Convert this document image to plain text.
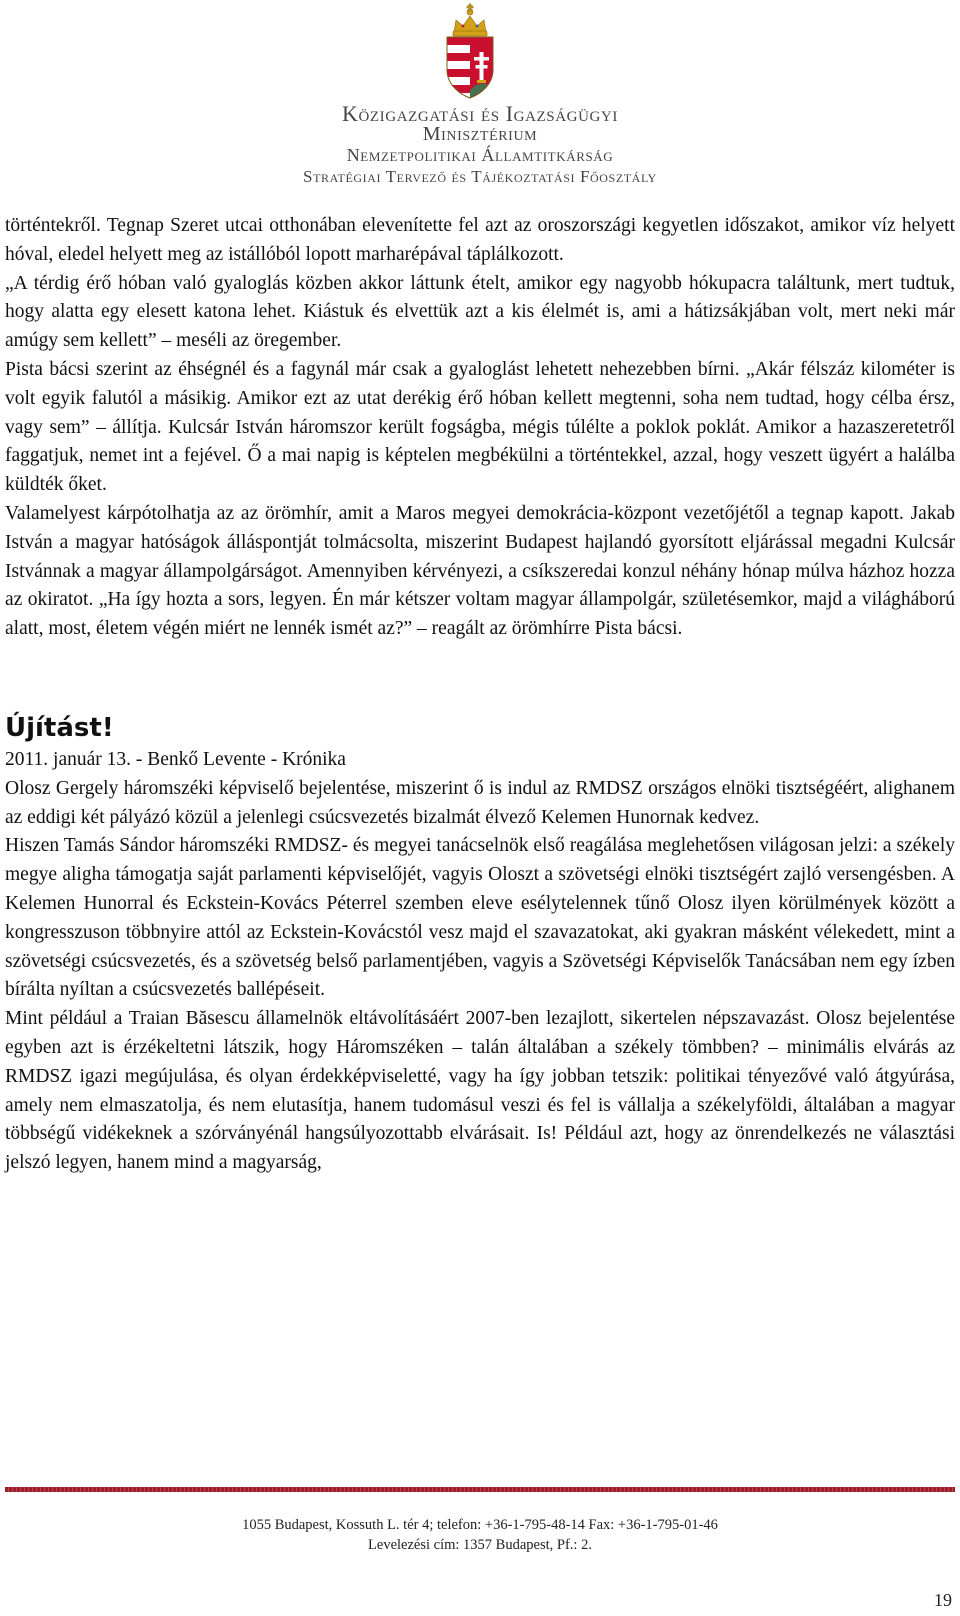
Közigazgatási és Igazságügyi
Minisztérium
Nemzetpolitikai Államtitkárság
Stratégiai Tervező és Tájékoztatási Főosztály

történtekről. Tegnap Szeret utcai otthonában elevenítette fel azt az oroszországi kegyetlen időszakot, amikor víz helyett hóval, eledel helyett meg az istállóból lopott marharépával táplálkozott.

„A térdig érő hóban való gyaloglás közben akkor láttunk ételt, amikor egy nagyobb hókupacra találtunk, mert tudtuk, hogy alatta egy elesett katona lehet. Kiástuk és elvettük azt a kis élelmét is, ami a hátizsákjában volt, mert neki már amúgy sem kellett” – meséli az öregember.

Pista bácsi szerint az éhségnél és a fagynál már csak a gyaloglást lehetett nehezebben bírni. „Akár félszáz kilométer is volt egyik falutól a másikig. Amikor ezt az utat derékig érő hóban kellett megtenni, soha nem tudtad, hogy célba érsz, vagy sem” – állítja. Kulcsár István háromszor került fogságba, mégis túlélte a poklok poklát. Amikor a hazaszeretetről faggatjuk, nemet int a fejével. Ő a mai napig is képtelen megbékülni a történtekkel, azzal, hogy veszett ügyért a halálba küldték őket.

Valamelyest kárpótolhatja az az örömhír, amit a Maros megyei demokrácia-központ vezetőjétől a tegnap kapott. Jakab István a magyar hatóságok álláspontját tolmácsolta, miszerint Budapest hajlandó gyorsított eljárással megadni Kulcsár Istvánnak a magyar állampolgárságot. Amennyiben kérvényezi, a csíkszeredai konzul néhány hónap múlva házhoz hozza az okiratot. „Ha így hozta a sors, legyen. Én már kétszer voltam magyar állampolgár, születésemkor, majd a világháború alatt, most, életem végén miért ne lennék ismét az?” – reagált az örömhírre Pista bácsi.

Újítást!

2011. január 13. - Benkő Levente - Krónika

Olosz Gergely háromszéki képviselő bejelentése, miszerint ő is indul az RMDSZ országos elnöki tisztségéért, alighanem az eddigi két pályázó közül a jelenlegi csúcsvezetés bizalmát élvező Kelemen Hunornak kedvez.

Hiszen Tamás Sándor háromszéki RMDSZ- és megyei tanácselnök első reagálása meglehetősen világosan jelzi: a székely megye aligha támogatja saját parlamenti képviselőjét, vagyis Oloszt a szövetségi elnöki tisztségért zajló versengésben. A Kelemen Hunorral és Eckstein-Kovács Péterrel szemben eleve esélytelennek tűnő Olosz ilyen körülmények között a kongresszuson többnyire attól az Eckstein-Kovácstól vesz majd el szavazatokat, aki gyakran másként vélekedett, mint a szövetségi csúcsvezetés, és a szövetség belső parlamentjében, vagyis a Szövetségi Képviselők Tanácsában nem egy ízben bírálta nyíltan a csúcsvezetés ballépéseit.

Mint például a Traian Băsescu államelnök eltávolításáért 2007-ben lezajlott, sikertelen népszavazást. Olosz bejelentése egyben azt is érzékeltetni látszik, hogy Háromszéken – talán általában a székely tömbben? – minimális elvárás az RMDSZ igazi megújulása, és olyan érdekképviseletté, vagy ha így jobban tetszik: politikai tényezővé való átgyúrása, amely nem elmaszatolja, és nem elutasítja, hanem tudomásul veszi és fel is vállalja a székelyföldi, általában a magyar többségű vidékeknek a szórványénál hangsúlyozottabb elvárásait. Is! Például azt, hogy az önrendelkezés ne választási jelszó legyen, hanem mind a magyarság,

1055 Budapest, Kossuth L. tér 4; telefon: +36-1-795-48-14 Fax: +36-1-795-01-46
Levelezési cím: 1357 Budapest, Pf.: 2.
19
